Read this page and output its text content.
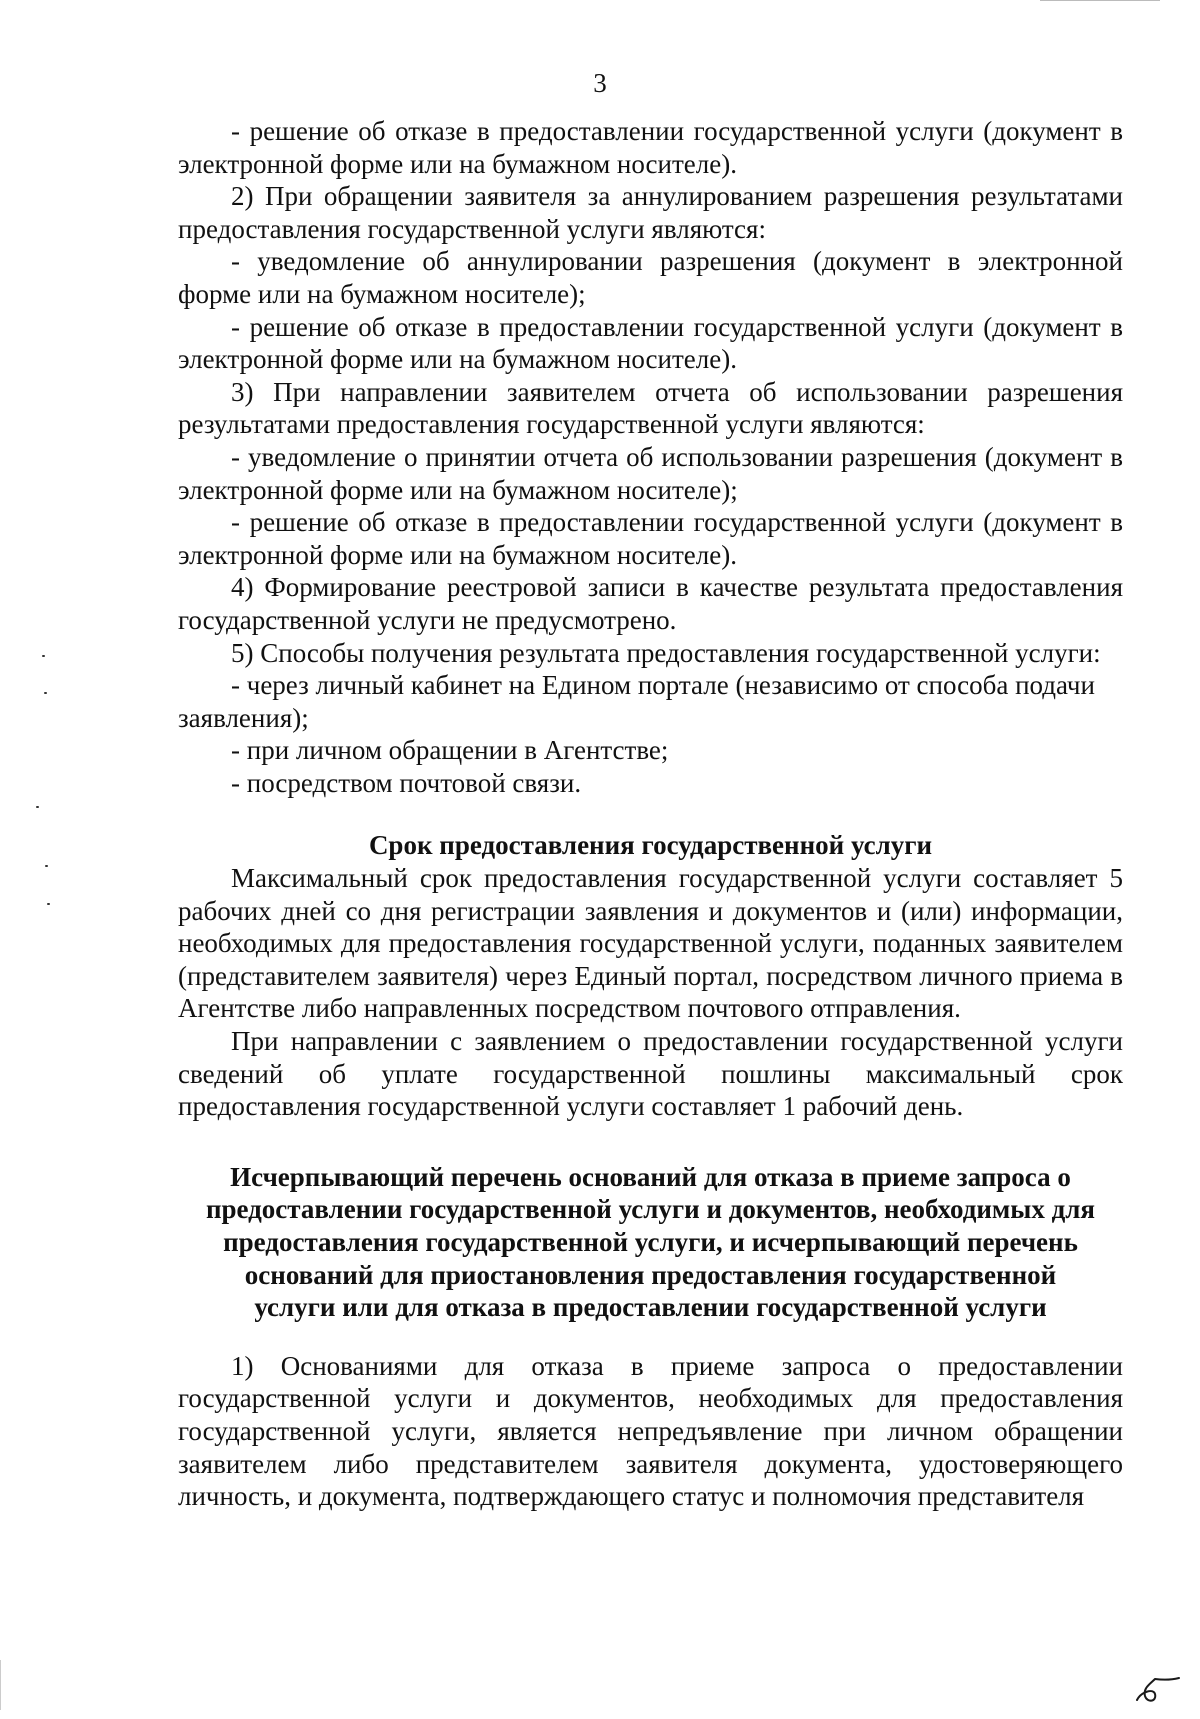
3

- решение об отказе в предоставлении государственной услуги (документ в электронной форме или на бумажном носителе).

2) При обращении заявителя за аннулированием разрешения результатами предоставления государственной услуги являются:

- уведомление об аннулировании разрешения (документ в электронной форме или на бумажном носителе);

- решение об отказе в предоставлении государственной услуги (документ в электронной форме или на бумажном носителе).

3) При направлении заявителем отчета об использовании разрешения результатами предоставления государственной услуги являются:

- уведомление о принятии отчета об использовании разрешения (документ в электронной форме или на бумажном носителе);

- решение об отказе в предоставлении государственной услуги (документ в электронной форме или на бумажном носителе).

4) Формирование реестровой записи в качестве результата предоставления государственной услуги не предусмотрено.

5) Способы получения результата предоставления государственной услуги:

- через личный кабинет на Едином портале (независимо от способа подачи заявления);

- при личном обращении в Агентстве;

- посредством почтовой связи.

Срок предоставления государственной услуги

Максимальный срок предоставления государственной услуги составляет 5 рабочих дней со дня регистрации заявления и документов и (или) информации, необходимых для предоставления государственной услуги, поданных заявителем (представителем заявителя) через Единый портал, посредством личного приема в Агентстве либо направленных посредством почтового отправления.

При направлении с заявлением о предоставлении государственной услуги сведений об уплате государственной пошлины максимальный срок предоставления государственной услуги составляет 1 рабочий день.

Исчерпывающий перечень оснований для отказа в приеме запроса о

предоставлении государственной услуги и документов, необходимых для

предоставления государственной услуги, и исчерпывающий перечень

оснований для приостановления предоставления государственной

услуги или для отказа в предоставлении государственной услуги

1) Основаниями для отказа в приеме запроса о предоставлении государственной услуги и документов, необходимых для предоставления государственной услуги, является непредъявление при личном обращении заявителем либо представителем заявителя документа, удостоверяющего личность, и документа, подтверждающего статус и полномочия представителя
